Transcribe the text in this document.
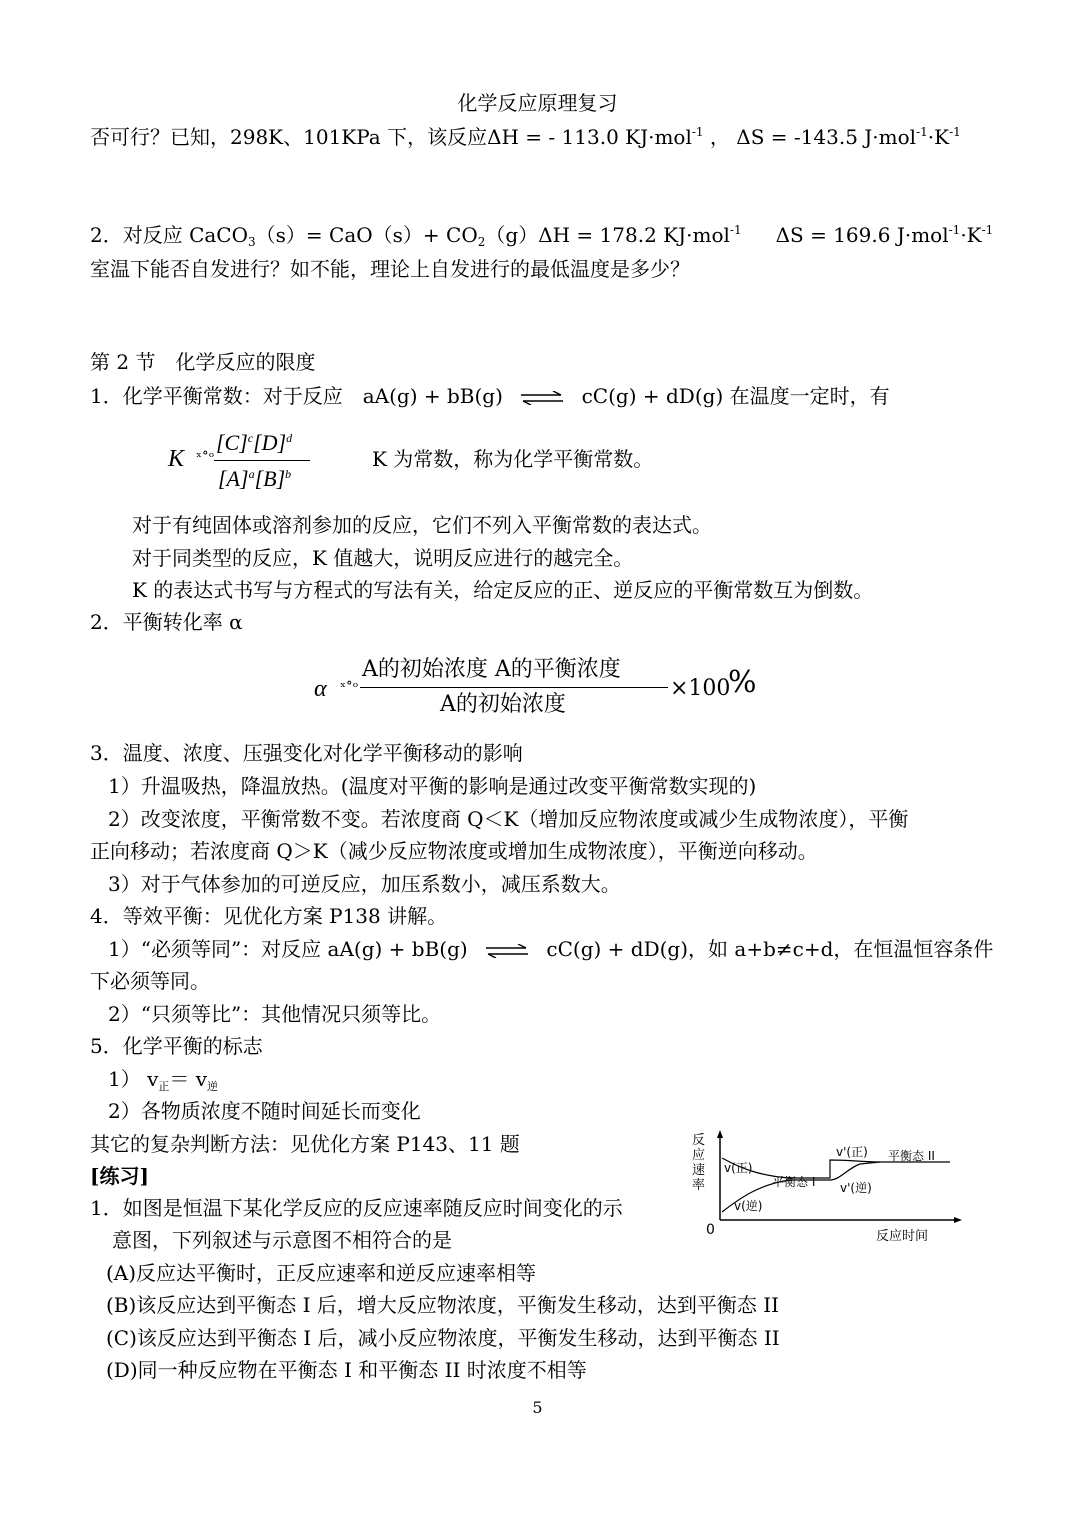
化学反应原理复习
否可行？已知，298K、101KPa 下，该反应ΔH = - 113.0 KJ·mol$^{-1}$ ， ΔS = -143.5 $J\cdot mol^{-1}\cdot K^{-1}$
2．对反应 CaCO$_3$（s）= $CaO(s)+ CO_2(g)\Delta H = 178.2$ KJ·mol$^{-1}$ ΔS = 169.6 $J\cdot mol^{-1}\cdot K^{-1}$
室温下能否自发进行？如不能，理论上自发进行的最低温度是多少？
第 2 节　化学反应的限度
1．化学平衡常数：对于反应　aA(g) + bB(g) ⇌ cC(g) + dD(g) 在温度一定时，有
K ₓ∘ₒ $[C]^c[D]^d$
$[A]^a[B]^b$
K 为常数，称为化学平衡常数。
对于有纯固体或溶剂参加的反应，它们不列入平衡常数的表达式。
对于同类型的反应，K 值越大，说明反应进行的越完全。
K 的表达式书写与方程式的写法有关，给定反应的正、逆反应的平衡常数互为倒数。
2．平衡转化率 α
α ₓ∘ₒ
A的初始浓度 A的平衡浓度
A的初始浓度
×100
%
3．温度、浓度、压强变化对化学平衡移动的影响
1）升温吸热，降温放热。(温度对平衡的影响是通过改变平衡常数实现的)
2）改变浓度，平衡常数不变。若浓度商 Q＜K（增加反应物浓度或减少生成物浓度），平衡
正向移动；若浓度商 Q＞K（减少反应物浓度或增加生成物浓度），平衡逆向移动。
3）对于气体参加的可逆反应，加压系数小，减压系数大。
4．等效平衡：见优化方案 P138 讲解。
1）“必须等同”：对反应 aA(g) + bB(g) ⇌ cC(g) + dD(g)，如 a+b≠c+d，在恒温恒容条件
下必须等同。
2）“只须等比”：其他情况只须等比。
5．化学平衡的标志
1） $v_正= v_逆$
2）各物质浓度不随时间延长而变化
其它的复杂判断方法：见优化方案 P143、11 题
[练习]
1．如图是恒温下某化学反应的反应速率随反应时间变化的示
意图，下列叙述与示意图不相符合的是
(A)反应达平衡时，正反应速率和逆反应速率相等
(B)该反应达到平衡态 I 后，增大反应物浓度，平衡发生移动，达到平衡态 II
(C)该反应达到平衡态 I 后，减小反应物浓度，平衡发生移动，达到平衡态 II
(D)同一种反应物在平衡态 I 和平衡态 II 时浓度不相等
反应速率
0	反应时间
v(正)
v(逆)
平衡态 I
v'(正)
v'(逆)
平衡态 II
5
